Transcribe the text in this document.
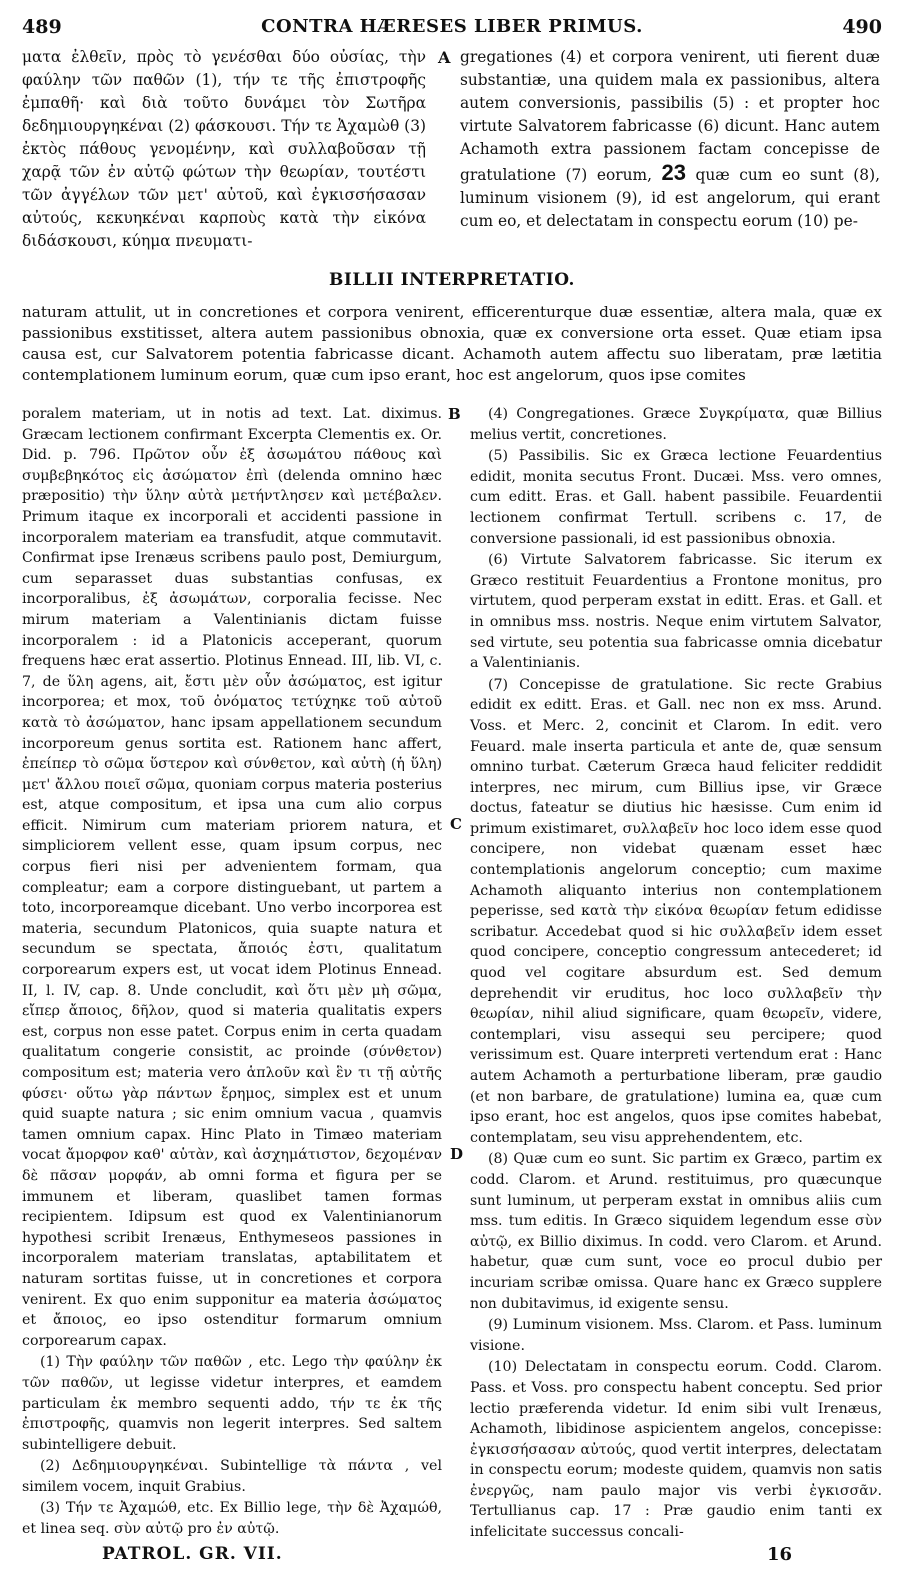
489	CONTRA HÆRESES LIBER PRIMUS.	490

ματα ἐλθεῖν, πρὸς τὸ γενέσθαι δύο οὐσίας, τὴν φαύλην τῶν παθῶν (1), τήν τε τῆς ἐπιστροφῆς ἐμπαθῆ· καὶ διὰ τοῦτο δυνάμει τὸν Σωτῆρα δεδημιουργηκέναι (2) φάσκουσι. Τήν τε Ἀχαμὼθ (3) ἐκτὸς πάθους γενομένην, καὶ συλλαβοῦσαν τῇ χαρᾷ τῶν ἐν αὐτῷ φώτων τὴν θεωρίαν, τουτέστι τῶν ἀγγέλων τῶν μετ' αὐτοῦ, καὶ ἐγκισσήσασαν αὐτούς, κεκυηκέναι καρποὺς κατὰ τὴν εἰκόνα διδάσκουσι, κύημα πνευματι-

A gregationes (4) et corpora venirent, uti fierent duæ substantiæ, una quidem mala ex passionibus, altera autem conversionis, passibilis (5) : et propter hoc virtute Salvatorem fabricasse (6) dicunt. Hanc autem Achamoth extra passionem factam concepisse de gratulatione (7) eorum, 23 quæ cum eo sunt (8), luminum visionem (9), id est angelorum, qui erant cum eo, et delectatam in conspectu eorum (10) pe-

BILLII INTERPRETATIO.

naturam attulit, ut in concretiones et corpora venirent, efficerenturque duæ essentiæ, altera mala, quæ ex passionibus exstitisset, altera autem passionibus obnoxia, quæ ex conversione orta esset. Quæ etiam ipsa causa est, cur Salvatorem potentia fabricasse dicant. Achamoth autem affectu suo liberatam, præ lætitia contemplationem luminum eorum, quæ cum ipso erant, hoc est angelorum, quos ipse comites

poralem materiam, ut in notis ad text. Lat. diximus. Græcam lectionem confirmant Excerpta Clementis ex. Or. Did. p. 796. Πρῶτον οὖν ἐξ ἀσωμάτου πάθους καὶ συμβεβηκότος εἰς ἀσώματον ἐπὶ (delenda omnino hæc præpositio) τὴν ὕλην αὐτὰ μετήντλησεν καὶ μετέβαλεν. Primum itaque ex incorporali et accidenti passione in incorporalem materiam ea transfudit, atque commutavit. Confirmat ipse Irenæus scribens paulo post, Demiurgum, cum separasset duas substantias confusas, ex incorporalibus, ἐξ ἀσωμάτων, corporalia fecisse. Nec mirum materiam a Valentinianis dictam fuisse incorporalem : id a Platonicis acceperant, quorum frequens hæc erat assertio. Plotinus Ennead. III, lib. VI, c. 7, de ὕλη agens, ait, ἔστι μὲν οὖν ἀσώματος, est igitur incorporea; et mox, τοῦ ὀνόματος τετύχηκε τοῦ αὐτοῦ κατὰ τὸ ἀσώματον, hanc ipsam appellationem secundum incorporeum genus sortita est. Rationem hanc affert, ἐπείπερ τὸ σῶμα ὕστερον καὶ σύνθετον, καὶ αὐτὴ (ἡ ὕλη) μετ' ἄλλου ποιεῖ σῶμα, quoniam corpus materia posterius est, atque compositum, et ipsa una cum alio corpus efficit. Nimirum cum materiam priorem natura, et simpliciorem vellent esse, quam ipsum corpus, nec corpus fieri nisi per advenientem formam, qua compleatur; eam a corpore distinguebant, ut partem a toto, incorporeamque dicebant. Uno verbo incorporea est materia, secundum Platonicos, quia suapte natura et secundum se spectata, ἄποιός ἐστι, qualitatum corporearum expers est, ut vocat idem Plotinus Ennead. II, l. IV, cap. 8. Unde concludit, καὶ ὅτι μὲν μὴ σῶμα, εἴπερ ἄποιος, δῆλον, quod si materia qualitatis expers est, corpus non esse patet. Corpus enim in certa quadam qualitatum congerie consistit, ac proinde (σύνθετον) compositum est; materia vero ἁπλοῦν καὶ ἓν τι τῇ αὐτῆς φύσει· οὕτω γὰρ πάντων ἔρημος, simplex est et unum quid suapte natura ; sic enim omnium vacua , quamvis tamen omnium capax. Hinc Plato in Timæo materiam vocat ἄμορφον καθ' αὑτὰν, καὶ ἀσχημάτιστον, δεχομέναν δὲ πᾶσαν μορφάν, ab omni forma et figura per se immunem et liberam, quaslibet tamen formas recipientem. Idipsum est quod ex Valentinianorum hypothesi scribit Irenæus, Enthymeseos passiones in incorporalem materiam translatas, aptabilitatem et naturam sortitas fuisse, ut in concretiones et corpora venirent. Ex quo enim supponitur ea materia ἀσώματος et ἄποιος, eo ipso ostenditur formarum omnium corporearum capax.

(1) Τὴν φαύλην τῶν παθῶν , etc. Lego τὴν φαύλην ἐκ τῶν παθῶν, ut legisse videtur interpres, et eamdem particulam ἐκ membro sequenti addo, τήν τε ἐκ τῆς ἐπιστροφῆς, quamvis non legerit interpres. Sed saltem subintelligere debuit.

(2) Δεδημιουργηκέναι. Subintellige τὰ πάντα , vel similem vocem, inquit Grabius.

(3) Τήν τε Ἀχαμώθ, etc. Ex Billio lege, τὴν δὲ Ἀχαμώθ, et linea seq. σὺν αὐτῷ pro ἐν αὐτῷ.

B
C
D

(4) Congregationes. Græce Συγκρίματα, quæ Billius melius vertit, concretiones.

(5) Passibilis. Sic ex Græca lectione Feuardentius edidit, monita secutus Front. Ducæi. Mss. vero omnes, cum editt. Eras. et Gall. habent passibile. Feuardentii lectionem confirmat Tertull. scribens c. 17, de conversione passionali, id est passionibus obnoxia.

(6) Virtute Salvatorem fabricasse. Sic iterum ex Græco restituit Feuardentius a Frontone monitus, pro virtutem, quod perperam exstat in editt. Eras. et Gall. et in omnibus mss. nostris. Neque enim virtutem Salvator, sed virtute, seu potentia sua fabricasse omnia dicebatur a Valentinianis.

(7) Concepisse de gratulatione. Sic recte Grabius edidit ex editt. Eras. et Gall. nec non ex mss. Arund. Voss. et Merc. 2, concinit et Clarom. In edit. vero Feuard. male inserta particula et ante de, quæ sensum omnino turbat. Cæterum Græca haud feliciter reddidit interpres, nec mirum, cum Billius ipse, vir Græce doctus, fateatur se diutius hic hæsisse. Cum enim id primum existimaret, συλλαβεῖν hoc loco idem esse quod concipere, non videbat quænam esset hæc contemplationis angelorum conceptio; cum maxime Achamoth aliquanto interius non contemplationem peperisse, sed κατὰ τὴν εἰκόνα θεωρίαν fetum edidisse scribatur. Accedebat quod si hic συλλαβεῖν idem esset quod concipere, conceptio congressum antecederet; id quod vel cogitare absurdum est. Sed demum deprehendit vir eruditus, hoc loco συλλαβεῖν τὴν θεωρίαν, nihil aliud significare, quam θεωρεῖν, videre, contemplari, visu assequi seu percipere; quod verissimum est. Quare interpreti vertendum erat : Hanc autem Achamoth a perturbatione liberam, præ gaudio (et non barbare, de gratulatione) lumina ea, quæ cum ipso erant, hoc est angelos, quos ipse comites habebat, contemplatam, seu visu apprehendentem, etc.

(8) Quæ cum eo sunt. Sic partim ex Græco, partim ex codd. Clarom. et Arund. restituimus, pro quæcunque sunt luminum, ut perperam exstat in omnibus aliis cum mss. tum editis. In Græco siquidem legendum esse σὺν αὐτῷ, ex Billio diximus. In codd. vero Clarom. et Arund. habetur, quæ cum sunt, voce eo procul dubio per incuriam scribæ omissa. Quare hanc ex Græco supplere non dubitavimus, id exigente sensu.

(9) Luminum visionem. Mss. Clarom. et Pass. luminum visione.

(10) Delectatam in conspectu eorum. Codd. Clarom. Pass. et Voss. pro conspectu habent conceptu. Sed prior lectio præferenda videtur. Id enim sibi vult Irenæus, Achamoth, libidinose aspicientem angelos, concepisse: ἐγκισσήσασαν αὐτούς, quod vertit interpres, delectatam in conspectu eorum; modeste quidem, quamvis non satis ἐνεργῶς, nam paulo major vis verbi ἐγκισσᾶν. Tertullianus cap. 17 : Præ gaudio enim tanti ex infelicitate successus concali-

PATROL. GR. VII.	16
